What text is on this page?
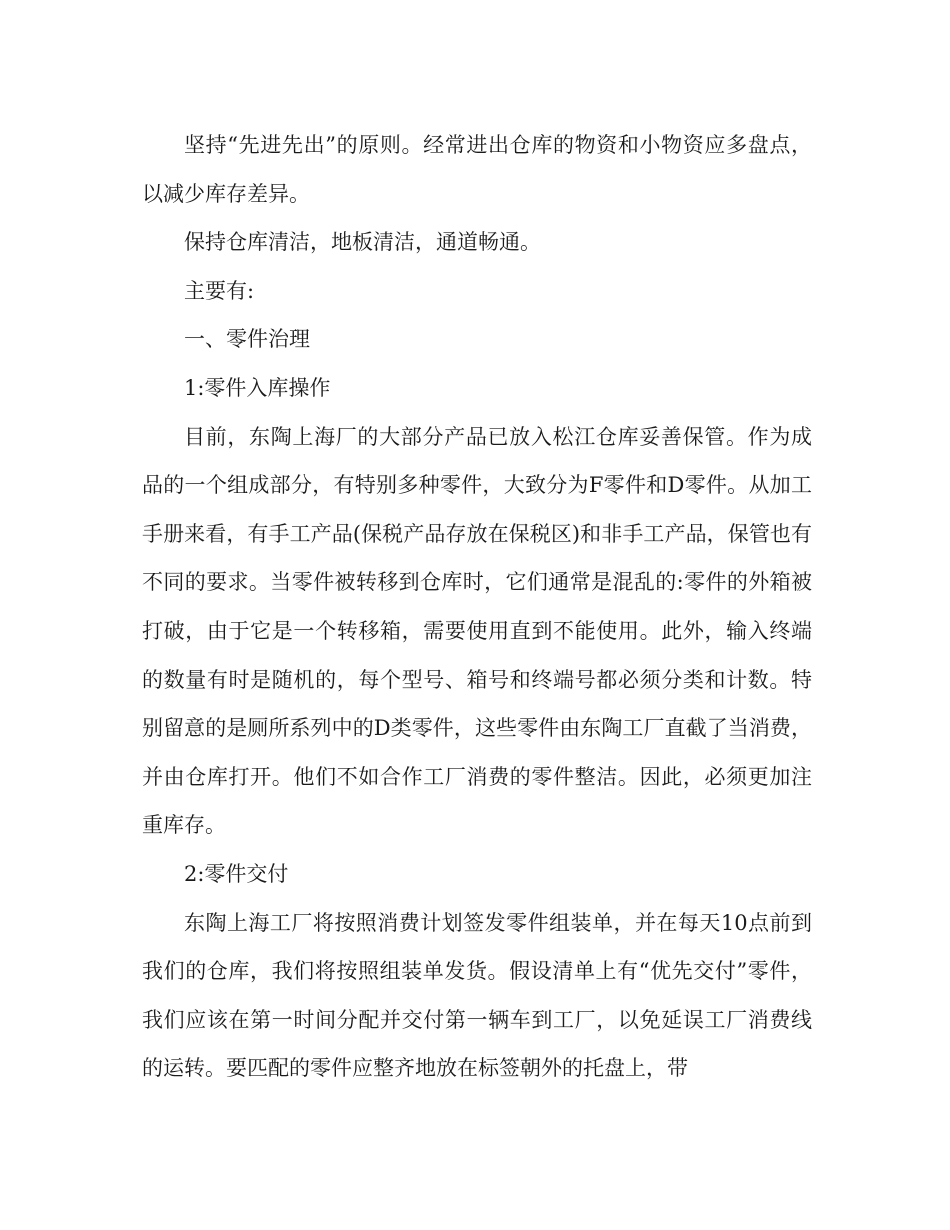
坚持“先进先出”的原则。经常进出仓库的物资和小物资应多盘点，以减少库存差异。

保持仓库清洁，地板清洁，通道畅通。

主要有:

一、零件治理

1:零件入库操作

目前，东陶上海厂的大部分产品已放入松江仓库妥善保管。作为成品的一个组成部分，有特别多种零件，大致分为F零件和D零件。从加工手册来看，有手工产品(保税产品存放在保税区)和非手工产品，保管也有不同的要求。当零件被转移到仓库时，它们通常是混乱的:零件的外箱被打破，由于它是一个转移箱，需要使用直到不能使用。此外，输入终端的数量有时是随机的，每个型号、箱号和终端号都必须分类和计数。特别留意的是厕所系列中的D类零件，这些零件由东陶工厂直截了当消费，并由仓库打开。他们不如合作工厂消费的零件整洁。因此，必须更加注重库存。

2:零件交付

东陶上海工厂将按照消费计划签发零件组装单，并在每天10点前到我们的仓库，我们将按照组装单发货。假设清单上有“优先交付”零件，我们应该在第一时间分配并交付第一辆车到工厂，以免延误工厂消费线的运转。要匹配的零件应整齐地放在标签朝外的托盘上，带
